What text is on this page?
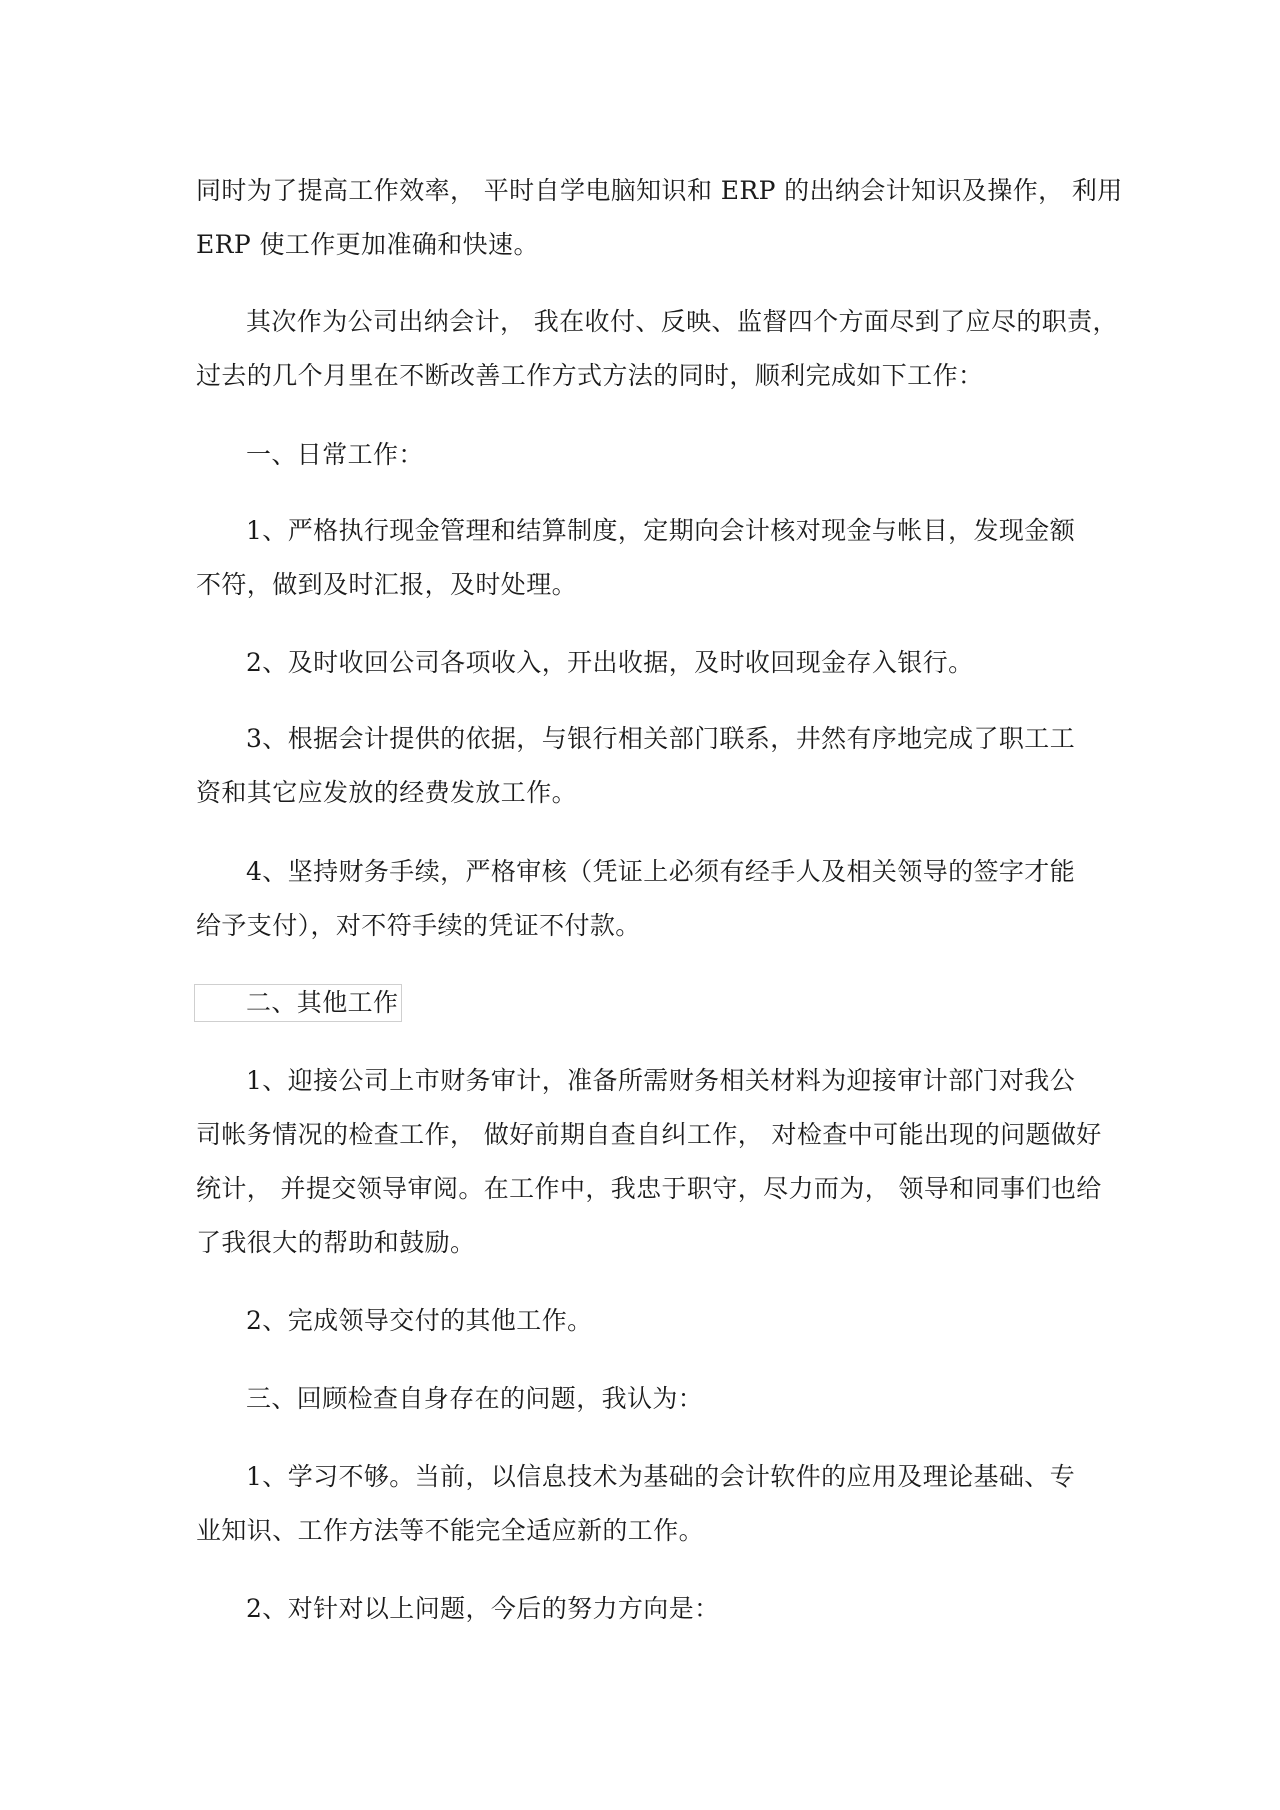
同时为了提高工作效率， 平时自学电脑知识和 ERP 的出纳会计知识及操作， 利用
ERP 使工作更加准确和快速。
其次作为公司出纳会计， 我在收付、反映、监督四个方面尽到了应尽的职责，
过去的几个月里在不断改善工作方式方法的同时，顺利完成如下工作：
一、日常工作：
1、严格执行现金管理和结算制度，定期向会计核对现金与帐目，发现金额
不符，做到及时汇报，及时处理。
2、及时收回公司各项收入，开出收据，及时收回现金存入银行。
3、根据会计提供的依据，与银行相关部门联系，井然有序地完成了职工工
资和其它应发放的经费发放工作。
4、坚持财务手续，严格审核（凭证上必须有经手人及相关领导的签字才能
给予支付），对不符手续的凭证不付款。
二、其他工作
1、迎接公司上市财务审计，准备所需财务相关材料为迎接审计部门对我公
司帐务情况的检查工作， 做好前期自查自纠工作， 对检查中可能出现的问题做好
统计， 并提交领导审阅。在工作中，我忠于职守，尽力而为， 领导和同事们也给
了我很大的帮助和鼓励。
2、完成领导交付的其他工作。
三、回顾检查自身存在的问题，我认为：
1、学习不够。当前，以信息技术为基础的会计软件的应用及理论基础、专
业知识、工作方法等不能完全适应新的工作。
2、对针对以上问题，今后的努力方向是：
